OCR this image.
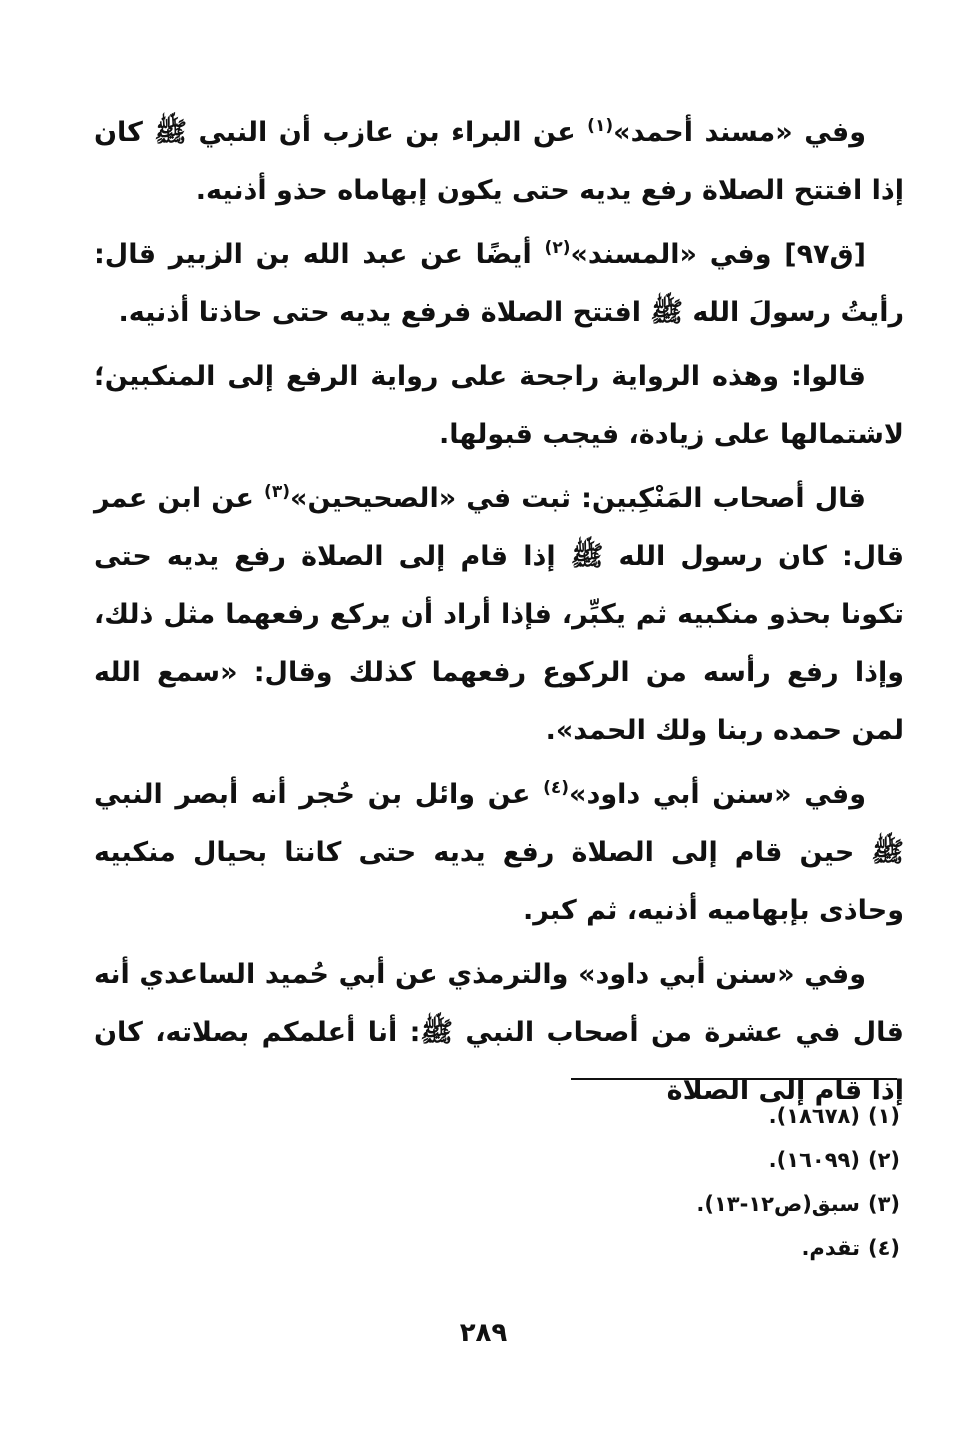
وفي «مسند أحمد»$^{(١)}$ عن البراء بن عازب أن النبي ﷺ كان إذا افتتح الصلاة رفع يديه حتى يكون إبهاماه حذو أذنيه.

[ق٩٧] وفي «المسند»$^{(٢)}$ أيضًا عن عبد الله بن الزبير قال: رأيتُ رسولَ الله ﷺ افتتح الصلاة فرفع يديه حتى حاذتا أذنيه.

قالوا: وهذه الرواية راجحة على رواية الرفع إلى المنكبين؛ لاشتمالها على زيادة، فيجب قبولها.

قال أصحاب المَنْكِبين: ثبت في «الصحيحين»$^{(٣)}$ عن ابن عمر قال: كان رسول الله ﷺ إذا قام إلى الصلاة رفع يديه حتى تكونا بحذو منكبيه ثم يكبِّر، فإذا أراد أن يركع رفعهما مثل ذلك، وإذا رفع رأسه من الركوع رفعهما كذلك وقال: «سمع الله لمن حمده ربنا ولك الحمد».

وفي «سنن أبي داود»$^{(٤)}$ عن وائل بن حُجر أنه أبصر النبي ﷺ حين قام إلى الصلاة رفع يديه حتى كانتا بحيال منكبيه وحاذى بإبهاميه أذنيه، ثم كبر.

وفي «سنن أبي داود» والترمذي عن أبي حُميد الساعدي أنه قال في عشرة من أصحاب النبي ﷺ: أنا أعلمكم بصلاته، كان إذا قام إلى الصلاة

(١)(١٨٦٧٨).
(٢)(١٦٠٩٩).
(٣)سبق(ص١٢-١٣).
(٤)تقدم.
٢٨٩
